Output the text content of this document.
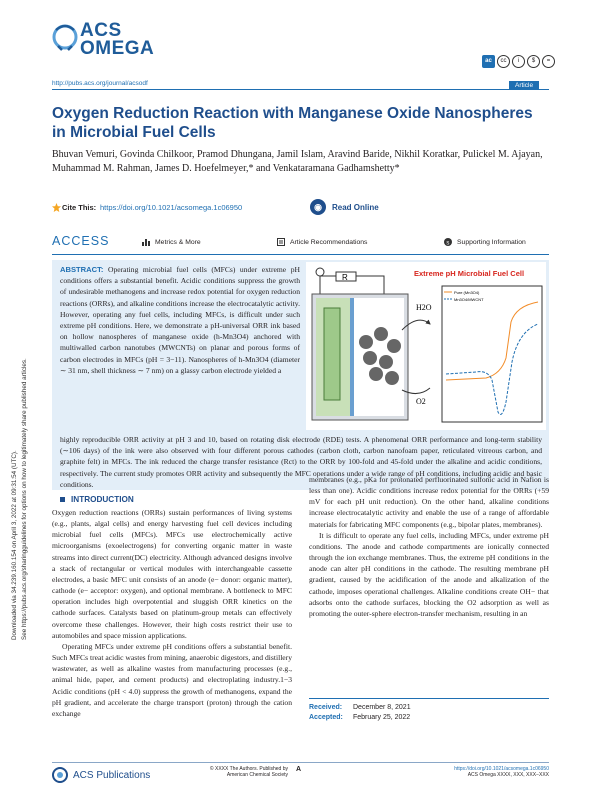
ACS
OMEGA
ac	cc	i	$	=
http://pubs.acs.org/journal/acsodf	Article
Oxygen Reduction Reaction with Manganese Oxide Nanospheres in Microbial Fuel Cells
Bhuvan Vemuri, Govinda Chilkoor, Pramod Dhungana, Jamil Islam, Aravind Baride, Nikhil Koratkar, Pulickel M. Ajayan, Muhammad M. Rahman, James D. Hoefelmeyer,* and Venkataramana Gadhamshetty*
Cite This: https://doi.org/10.1021/acsomega.1c06950	◉	Read Online
ACCESS	Metrics & More	Article Recommendations	s Supporting Information
ABSTRACT: Operating microbial fuel cells (MFCs) under extreme pH conditions offers a substantial benefit. Acidic conditions suppress the growth of undesirable methanogens and increase redox potential for oxygen reduction reactions (ORRs), and alkaline conditions increase the electrocatalytic activity. However, operating any fuel cells, including MFCs, is difficult under such extreme pH conditions. Here, we demonstrate a pH-universal ORR ink based on hollow nanospheres of manganese oxide (h-Mn3O4) anchored with multiwalled carbon nanotubes (MWCNTs) on planar and porous forms of carbon electrodes in MFCs (pH = 3−11). Nanospheres of h-Mn3O4 (diameter ∼ 31 nm, shell thickness ∼ 7 nm) on a glassy carbon electrode yielded a
R
H2O
O2
Extreme pH Microbial Fuel Cell
Pure (Mn3O4)
Mn3O4/MWCNT
highly reproducible ORR activity at pH 3 and 10, based on rotating disk electrode (RDE) tests. A phenomenal ORR performance and long-term stability (∼106 days) of the ink were also observed with four different porous cathodes (carbon cloth, carbon nanofoam paper, reticulated vitreous carbon, and graphite felt) in MFCs. The ink reduced the charge transfer resistance (Rct) to the ORR by 100-fold and 45-fold under the alkaline and acidic conditions, respectively. The current study promotes ORR activity and subsequently the MFC operations under a wide range of pH conditions, including acidic and basic conditions.
INTRODUCTION

Oxygen reduction reactions (ORRs) sustain performances of living systems (e.g., plants, algal cells) and energy harvesting fuel cell devices including microbial fuel cells (MFCs). MFCs use electrochemically active microorganisms (exoelectrogens) for converting organic matter in waste streams into direct current(DC) electricity. Although advanced designs involve a stack of rectangular or vertical modules with interchangeable cassette electrodes, a basic MFC unit consists of an anode (e− donor: organic matter), cathode (e− acceptor: oxygen), and optional membrane. A bottleneck to MFC operation includes high overpotential and sluggish ORR kinetics on the cathode surfaces. Catalysts based on platinum-group metals can effectively overcome these challenges. However, their high costs restrict their use to automobiles and space mission applications.

Operating MFCs under extreme pH conditions offers a substantial benefit. Such MFCs treat acidic wastes from mining, anaerobic digestors, and distillery wastewater, as well as alkaline wastes from manufacturing processes (e.g., animal hide, paper, and cement products) and electroplating industry.1−3 Acidic conditions (pH < 4.0) suppress the growth of methanogens, expand the pH gradient, and accelerate the charge transport (proton) through the cation exchange

membranes (e.g., pKa for protonated perfluorinated sulfonic acid in Nafion is less than one). Acidic conditions increase redox potential for the ORRs (+59 mV for each pH unit reduction). On the other hand, alkaline conditions increase electrocatalytic activity and enable the use of a range of affordable materials for fabricating MFC components (e.g., bipolar plates, membranes).

It is difficult to operate any fuel cells, including MFCs, under extreme pH conditions. The anode and cathode compartments are ionically connected through the ion exchange membranes. Thus, the extreme pH conditions in the anode can alter pH conditions in the cathode. The resulting membrane pH gradient, caused by the acidification of the anode and alkalization of the cathode, imposes operational challenges. Alkaline conditions create OH− that adsorbs onto the cathode surfaces, blocking the O2 adsorption as well as promoting the outer-sphere electron-transfer mechanism, resulting in an

Received: December 8, 2021
Accepted: February 25, 2022
ACS Publications
© XXXX The Authors. Published by
American Chemical Society
A	https://doi.org/10.1021/acsomega.1c06950
ACS Omega XXXX, XXX, XXX−XXX
Downloaded via 34.239.160.154 on April 3, 2022 at 09:31:54 (UTC). See https://pubs.acs.org/sharingguidelines for options on how to legitimately share published articles.
